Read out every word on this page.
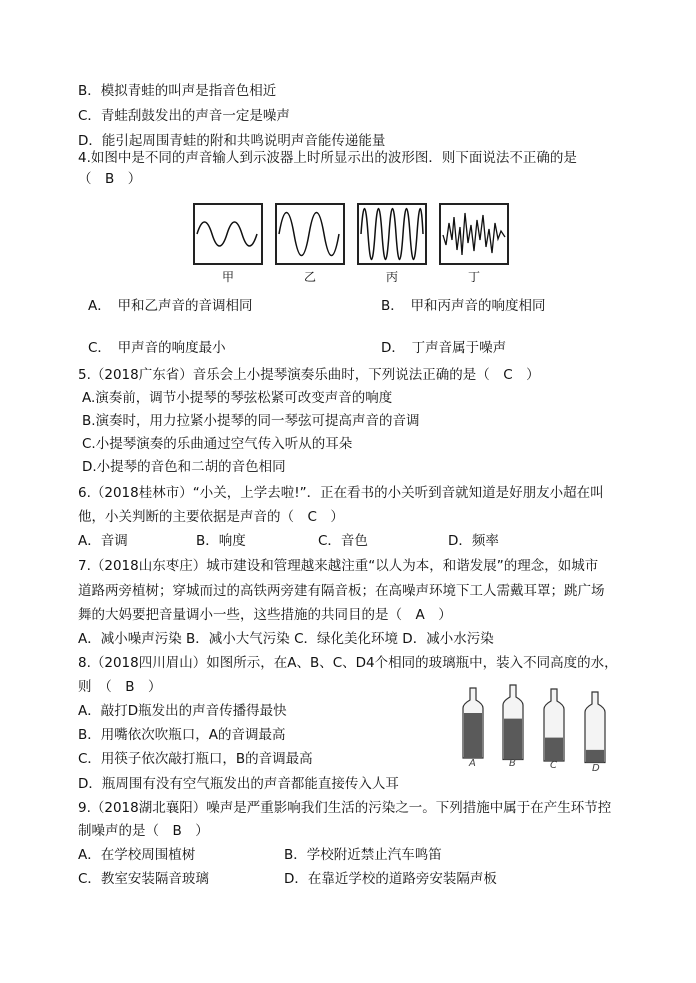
B．模拟青蛙的叫声是指音色相近
C．青蛙刮鼓发出的声音一定是噪声
D．能引起周围青蛙的附和共鸣说明声音能传递能量
4.如图中是不同的声音输人到示波器上时所显示出的波形图．则下面说法不正确的是
（　B　）
甲	乙	丙	丁
A．　甲和乙声音的音调相同	B．　甲和丙声音的响度相同
C．　甲声音的响度最小	D．　丁声音属于噪声
5.（2018广东省）音乐会上小提琴演奏乐曲时，下列说法正确的是（　C　）
A.演奏前，调节小提琴的琴弦松紧可改变声音的响度
B.演奏时，用力拉紧小提琴的同一琴弦可提高声音的音调
C.小提琴演奏的乐曲通过空气传入听从的耳朵
D.小提琴的音色和二胡的音色相同
6.（2018桂林市）“小关，上学去啦!”．正在看书的小关听到音就知道是好朋友小超在叫
他，小关判断的主要依据是声音的（　C　）
A．音调	B．响度	C．音色	D．频率
7.（2018山东枣庄）城市建设和管理越来越注重“以人为本，和谐发展”的理念，如城市
道路两旁植树；穿城而过的高铁两旁建有隔音板；在高噪声环境下工人需戴耳罩；跳广场
舞的大妈要把音量调小一些，这些措施的共同目的是（　A　）
A．减小噪声污染 B．减小大气污染 C．绿化美化环境 D．减小水污染
8.（2018四川眉山）如图所示，在A、B、C、D4个相同的玻璃瓶中，装入不同高度的水，
则　（　B　）
A．敲打D瓶发出的声音传播得最快
B．用嘴依次吹瓶口，A的音调最高
C．用筷子依次敲打瓶口，B的音调最高
D．瓶周围有没有空气瓶发出的声音都能直接传入人耳
A	B	C	D
9.（2018湖北襄阳）噪声是严重影响我们生活的污染之一。下列措施中属于在产生环节控
制噪声的是（　B　）
A．在学校周围植树	B．学校附近禁止汽车鸣笛
C．教室安装隔音玻璃	D．在靠近学校的道路旁安装隔声板
